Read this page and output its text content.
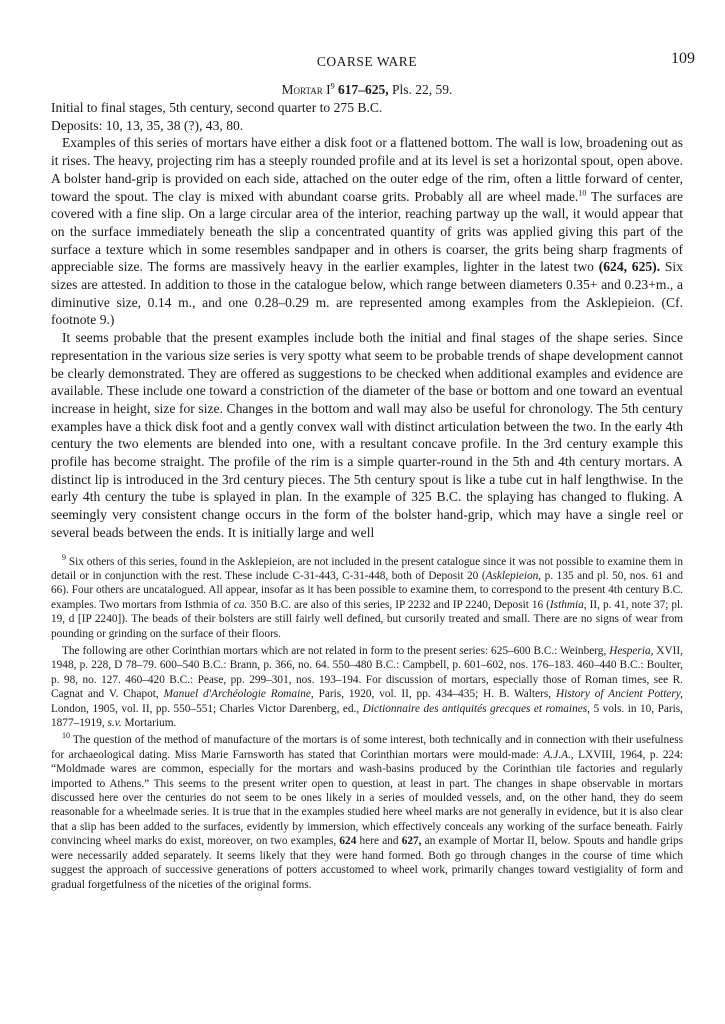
COARSE WARE	109
Mortar $I^9$ 617–625, Pls. 22, 59.

Initial to final stages, 5th century, second quarter to 275 B.C.

Deposits: 10, 13, 35, 38 (?), 43, 80.

Examples of this series of mortars have either a disk foot or a flattened bottom. The wall is low, broadening out as it rises. The heavy, projecting rim has a steeply rounded profile and at its level is set a horizontal spout, open above. A bolster hand-grip is provided on each side, attached on the outer edge of the rim, often a little forward of center, toward the spout. The clay is mixed with abundant coarse grits. Probably all are wheel made.$^{10}$ The surfaces are covered with a fine slip. On a large circular area of the interior, reaching partway up the wall, it would appear that on the surface immediately beneath the slip a concentrated quantity of grits was applied giving this part of the surface a texture which in some resembles sandpaper and in others is coarser, the grits being sharp fragments of appreciable size. The forms are massively heavy in the earlier examples, lighter in the latest two (624, 625). Six sizes are attested. In addition to those in the catalogue below, which range between diameters 0.35+ and 0.23+m., a diminutive size, 0.14 m., and one 0.28–0.29 m. are represented among examples from the Asklepieion. (Cf. footnote 9.)

It seems probable that the present examples include both the initial and final stages of the shape series. Since representation in the various size series is very spotty what seem to be probable trends of shape development cannot be clearly demonstrated. They are offered as suggestions to be checked when additional examples and evidence are available. These include one toward a constriction of the diameter of the base or bottom and one toward an eventual increase in height, size for size. Changes in the bottom and wall may also be useful for chronology. The 5th century examples have a thick disk foot and a gently convex wall with distinct articulation between the two. In the early 4th century the two elements are blended into one, with a resultant concave profile. In the 3rd century example this profile has become straight. The profile of the rim is a simple quarter-round in the 5th and 4th century mortars. A distinct lip is introduced in the 3rd century pieces. The 5th century spout is like a tube cut in half lengthwise. In the early 4th century the tube is splayed in plan. In the example of 325 B.C. the splaying has changed to fluking. A seemingly very consistent change occurs in the form of the bolster hand-grip, which may have a single reel or several beads between the ends. It is initially large and well

$^9$ Six others of this series, found in the Asklepieion, are not included in the present catalogue since it was not possible to examine them in detail or in conjunction with the rest. These include C-31-443, C-31-448, both of Deposit 20 (Asklepieion, p. 135 and pl. 50, nos. 61 and 66). Four others are uncatalogued. All appear, insofar as it has been possible to examine them, to correspond to the present 4th century B.C. examples. Two mortars from Isthmia of ca. 350 B.C. are also of this series, IP 2232 and IP 2240, Deposit 16 (Isthmia, II, p. 41, note 37; pl. 19, d [IP 2240]). The beads of their bolsters are still fairly well defined, but cursorily treated and small. There are no signs of wear from pounding or grinding on the surface of their floors.

The following are other Corinthian mortars which are not related in form to the present series: 625–600 B.C.: Weinberg, Hesperia, XVII, 1948, p. 228, D 78–79. 600–540 B.C.: Brann, p. 366, no. 64. 550–480 B.C.: Campbell, p. 601–602, nos. 176–183. 460–440 B.C.: Boulter, p. 98, no. 127. 460–420 B.C.: Pease, pp. 299–301, nos. 193–194. For discussion of mortars, especially those of Roman times, see R. Cagnat and V. Chapot, Manuel d'Archéologie Romaine, Paris, 1920, vol. II, pp. 434–435; H. B. Walters, History of Ancient Pottery, London, 1905, vol. II, pp. 550–551; Charles Victor Darenberg, ed., Dictionnaire des antiquités grecques et romaines, 5 vols. in 10, Paris, 1877–1919, s.v. Mortarium.

$^{10}$ The question of the method of manufacture of the mortars is of some interest, both technically and in connection with their usefulness for archaeological dating. Miss Marie Farnsworth has stated that Corinthian mortars were mould-made: A.J.A., LXVIII, 1964, p. 224: “Moldmade wares are common, especially for the mortars and wash-basins produced by the Corinthian tile factories and regularly imported to Athens.” This seems to the present writer open to question, at least in part. The changes in shape observable in mortars discussed here over the centuries do not seem to be ones likely in a series of moulded vessels, and, on the other hand, they do seem reasonable for a wheelmade series. It is true that in the examples studied here wheel marks are not generally in evidence, but it is also clear that a slip has been added to the surfaces, evidently by immersion, which effectively conceals any working of the surface beneath. Fairly convincing wheel marks do exist, moreover, on two examples, 624 here and 627, an example of Mortar II, below. Spouts and handle grips were necessarily added separately. It seems likely that they were hand formed. Both go through changes in the course of time which suggest the approach of successive generations of potters accustomed to wheel work, primarily changes toward vestigiality of form and gradual forgetfulness of the niceties of the original forms.
